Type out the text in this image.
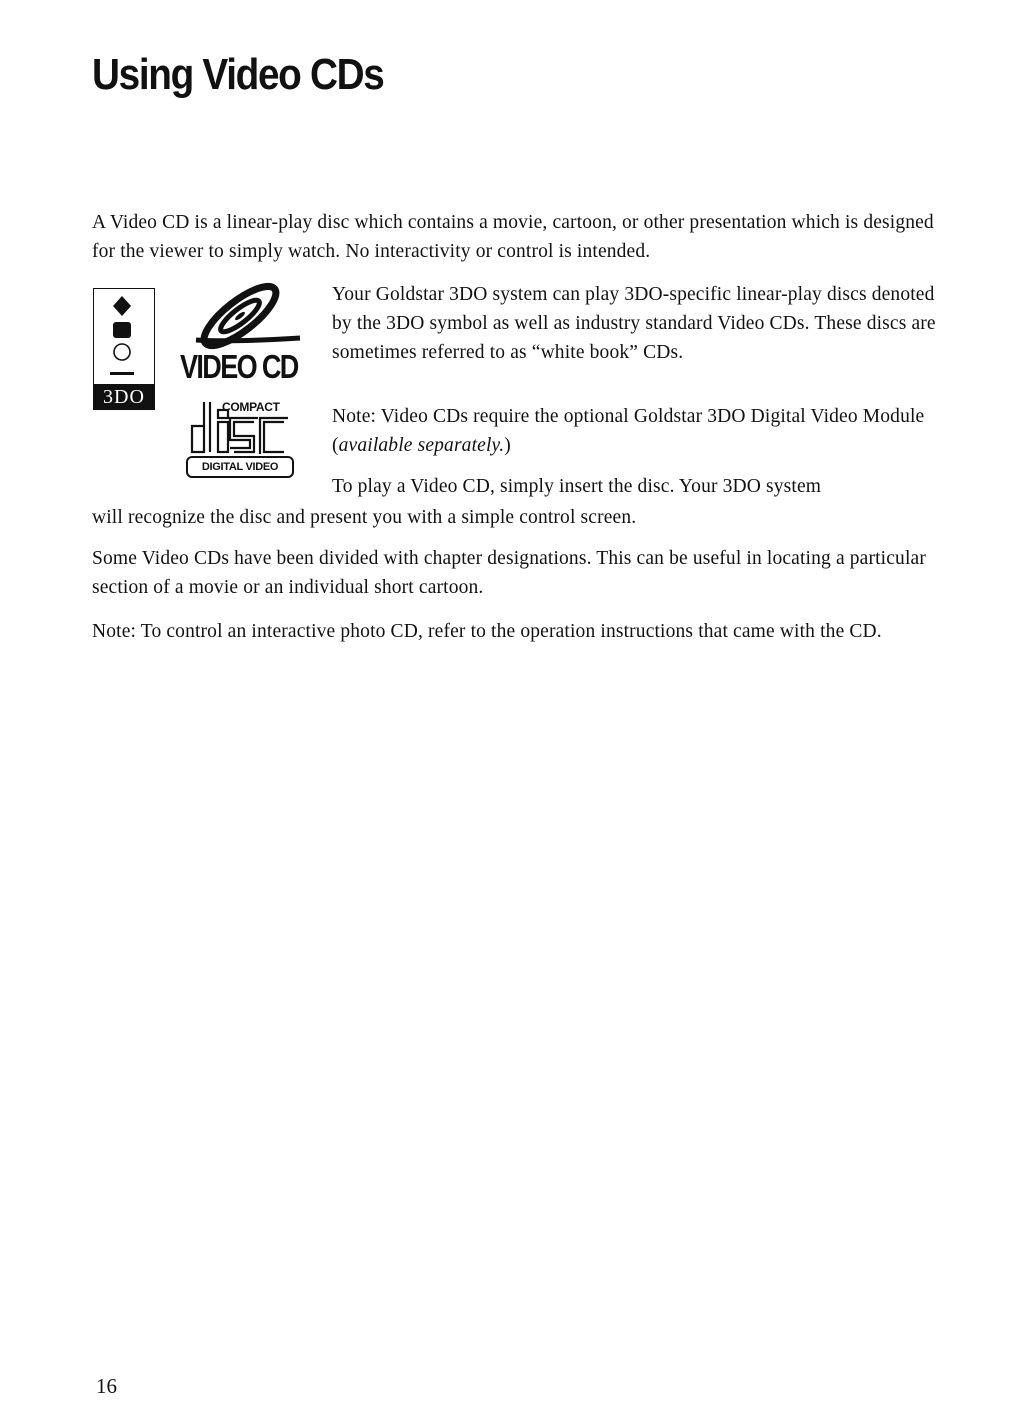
Using Video CDs

A Video CD is a linear-play disc which contains a movie, cartoon, or other presentation which is designed for the viewer to simply watch. No interactivity or control is intended.

3DO
VIDEO CD
COMPACT
DIGITAL VIDEO

Your Goldstar 3DO system can play 3DO-specific linear-play discs denoted by the 3DO symbol as well as industry standard Video CDs. These discs are sometimes referred to as “white book” CDs.

Note: Video CDs require the optional Goldstar 3DO Digital Video Module (available separately.)

To play a Video CD, simply insert the disc. Your 3DO system

will recognize the disc and present you with a simple control screen.

Some Video CDs have been divided with chapter designations. This can be useful in locating a particular section of a movie or an individual short cartoon.

Note: To control an interactive photo CD, refer to the operation instructions that came with the CD.

16
